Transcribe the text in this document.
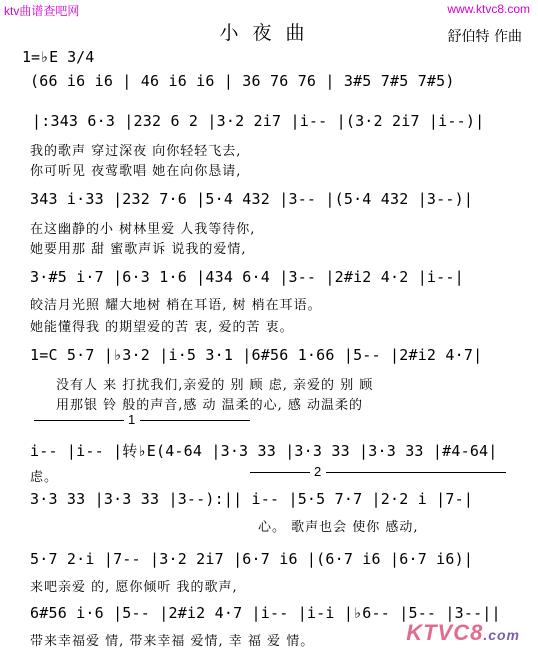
ktv曲谱查吧网	www.ktvc8.com
小夜曲	舒伯特 作曲
1=♭E 3/4
(66 i6 i6 | 46 i6 i6 | 36 76 76 | 3#5 7#5 7#5)
|:343 6·3 |232 6 2 |3·2 2i7 |i-- |(3·2 2i7 |i--)|
我的歌声 穿过深夜 向你轻轻飞去,
你可听见 夜莺歌唱 她在向你恳请,
343 i·33 |232 7·6 |5·4 432 |3-- |(5·4 432 |3--)|
在这幽静的小 树林里爱 人我等待你,
她要用那 甜 蜜歌声诉 说我的爱情,
3·#5 i·7 |6·3 1·6 |434 6·4 |3-- |2#i2 4·2 |i--|
皎洁月光照 耀大地树 梢在耳语, 树 梢在耳语。
她能懂得我 的期望爱的苦 衷, 爱的苦 衷。
1=C 5·7 |♭3·2 |i·5 3·1 |6#56 1·66 |5-- |2#i2 4·7|
没有人 来 打扰我们,亲爱的 别 顾 虑, 亲爱的 别 顾
用那银 铃 般的声音,感 动 温柔的心, 感 动温柔的
1
i-- |i-- |转♭E(4-64 |3·3 33 |3·3 33 |3·3 33 |#4-64|
虑。	2
3·3 33 |3·3 33 |3--):|| i-- |5·5 7·7 |2·2 i |7-|
心。 歌声也会 使你 感动,
5·7 2·i |7-- |3·2 2i7 |6·7 i6 |(6·7 i6 |6·7 i6)|
来吧亲爱 的, 愿你倾听 我的歌声,
6#56 i·6 |5-- |2#i2 4·7 |i-- |i-i |♭6-- |5-- |3--||
带来幸福爱 情, 带来幸福 爱情, 幸 福 爱 情。	KTVC8.com
